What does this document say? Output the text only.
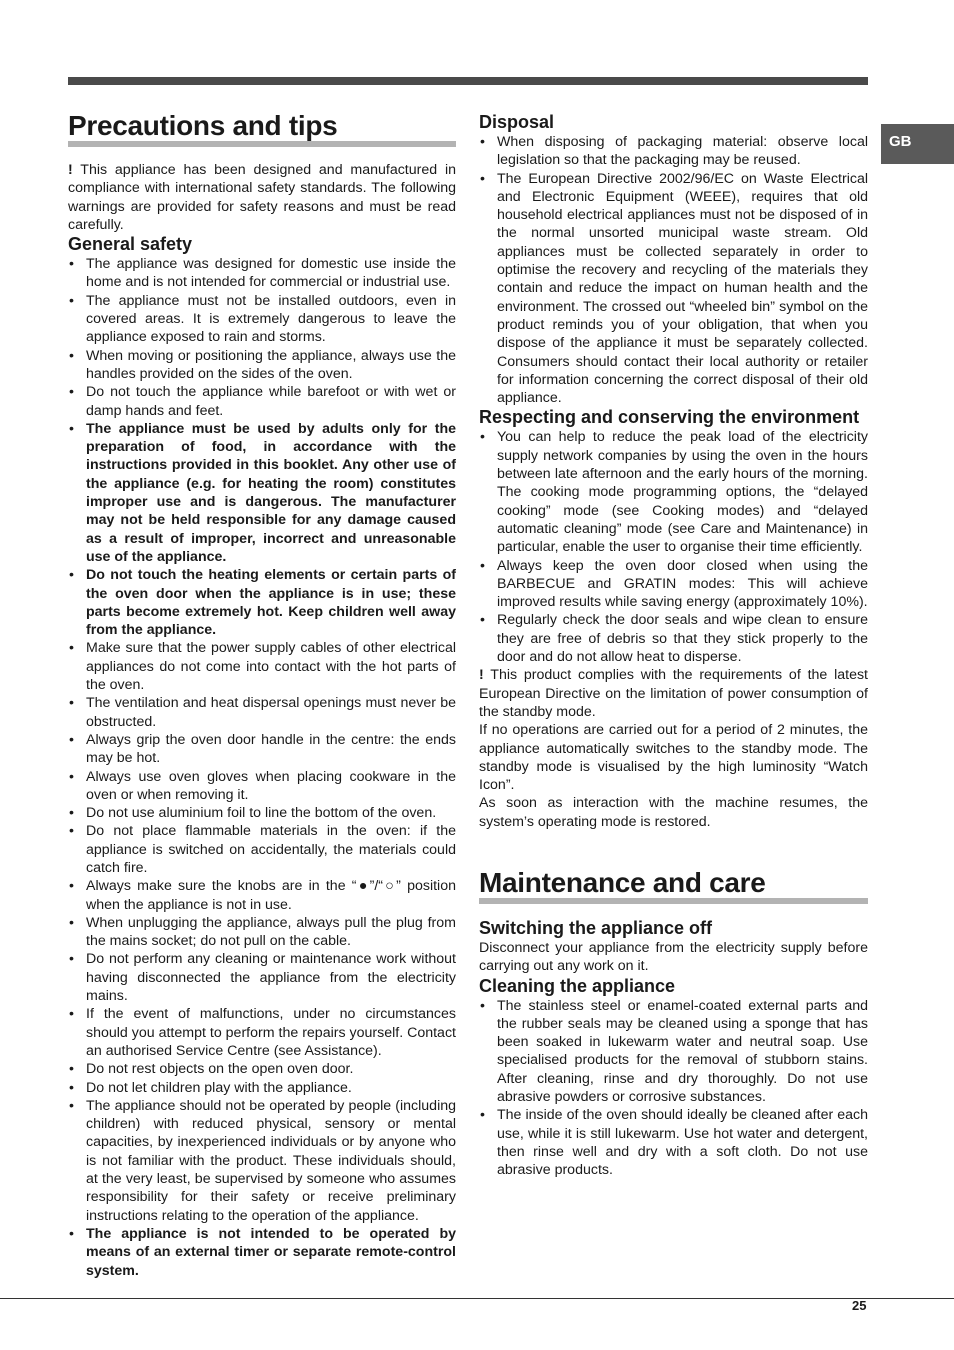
GB
Precautions and tips

! This appliance has been designed and manufactured in compliance with international safety standards. The following warnings are provided for safety reasons and must be read carefully.

General safety
• The appliance was designed for domestic use inside the home and is not intended for commercial or industrial use.
• The appliance must not be installed outdoors, even in covered areas. It is extremely dangerous to leave the appliance exposed to rain and storms.
• When moving or positioning the appliance, always use the handles provided on the sides of the oven.
• Do not touch the appliance while barefoot or with wet or damp hands and feet.
• The appliance must be used by adults only for the preparation of food, in accordance with the instructions provided in this booklet. Any other use of the appliance (e.g. for heating the room) constitutes improper use and is dangerous. The manufacturer may not be held responsible for any damage caused as a result of improper, incorrect and unreasonable use of the appliance.
• Do not touch the heating elements or certain parts of the oven door when the appliance is in use; these parts become extremely hot. Keep children well away from the appliance.
• Make sure that the power supply cables of other electrical appliances do not come into contact with the hot parts of the oven.
• The ventilation and heat dispersal openings must never be obstructed.
• Always grip the oven door handle in the centre: the ends may be hot.
• Always use oven gloves when placing cookware in the oven or when removing it.
• Do not use aluminium foil to line the bottom of the oven.
• Do not place flammable materials in the oven: if the appliance is switched on accidentally, the materials could catch fire.
• Always make sure the knobs are in the “●”/“○” position when the appliance is not in use.
• When unplugging the appliance, always pull the plug from the mains socket; do not pull on the cable.
• Do not perform any cleaning or maintenance work without having disconnected the appliance from the electricity mains.
• If the event of malfunctions, under no circumstances should you attempt to perform the repairs yourself. Contact an authorised Service Centre (see Assistance).
• Do not rest objects on the open oven door.
• Do not let children play with the appliance.
• The appliance should not be operated by people (including children) with reduced physical, sensory or mental capacities, by inexperienced individuals or by anyone who is not familiar with the product. These individuals should, at the very least, be supervised by someone who assumes responsibility for their safety or receive preliminary instructions relating to the operation of the appliance.
• The appliance is not intended to be operated by means of an external timer or separate remote-control system.
Disposal
• When disposing of packaging material: observe local legislation so that the packaging may be reused.
• The European Directive 2002/96/EC on Waste Electrical and Electronic Equipment (WEEE), requires that old household electrical appliances must not be disposed of in the normal unsorted municipal waste stream. Old appliances must be collected separately in order to optimise the recovery and recycling of the materials they contain and reduce the impact on human health and the environment. The crossed out “wheeled bin” symbol on the product reminds you of your obligation, that when you dispose of the appliance it must be separately collected. Consumers should contact their local authority or retailer for information concerning the correct disposal of their old appliance.
Respecting and conserving the environment
• You can help to reduce the peak load of the electricity supply network companies by using the oven in the hours between late afternoon and the early hours of the morning. The cooking mode programming options, the “delayed cooking” mode (see Cooking modes) and “delayed automatic cleaning” mode (see Care and Maintenance) in particular, enable the user to organise their time efficiently.
• Always keep the oven door closed when using the BARBECUE and GRATIN modes: This will achieve improved results while saving energy (approximately 10%).
• Regularly check the door seals and wipe clean to ensure they are free of debris so that they stick properly to the door and do not allow heat to disperse.

! This product complies with the requirements of the latest European Directive on the limitation of power consumption of the standby mode.

If no operations are carried out for a period of 2 minutes, the appliance automatically switches to the standby mode. The standby mode is visualised by the high luminosity “Watch Icon”.

As soon as interaction with the machine resumes, the system’s operating mode is restored.

Maintenance and care
Switching the appliance off

Disconnect your appliance from the electricity supply before carrying out any work on it.

Cleaning the appliance
• The stainless steel or enamel-coated external parts and the rubber seals may be cleaned using a sponge that has been soaked in lukewarm water and neutral soap. Use specialised products for the removal of stubborn stains. After cleaning, rinse and dry thoroughly. Do not use abrasive powders or corrosive substances.
• The inside of the oven should ideally be cleaned after each use, while it is still lukewarm. Use hot water and detergent, then rinse well and dry with a soft cloth. Do not use abrasive products.
25
